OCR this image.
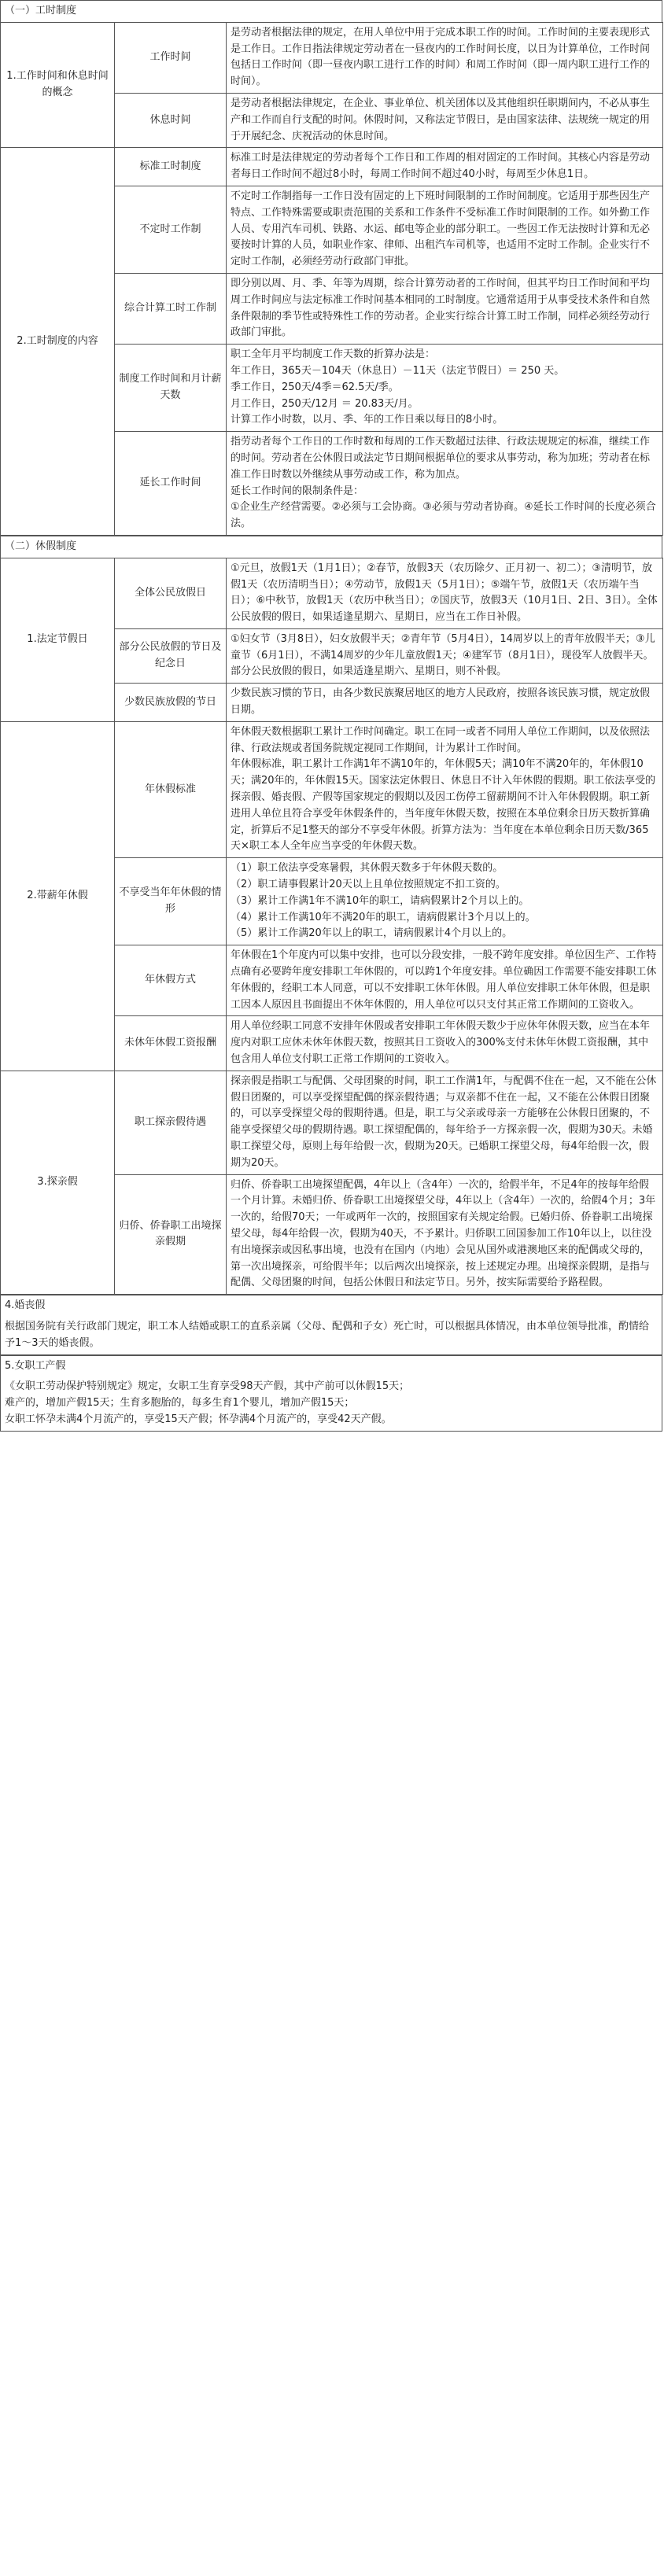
（一）工时制度
1.工作时间和休息时间的概念	工作时间	是劳动者根据法律的规定，在用人单位中用于完成本职工作的时间。工作时间的主要表现形式是工作日。工作日指法律规定劳动者在一昼夜内的工作时间长度，以日为计算单位，工作时间包括日工作时间（即一昼夜内职工进行工作的时间）和周工作时间（即一周内职工进行工作的时间）。
	休息时间	是劳动者根据法律规定，在企业、事业单位、机关团体以及其他组织任职期间内，不必从事生产和工作而自行支配的时间。休假时间，又称法定节假日，是由国家法律、法规统一规定的用于开展纪念、庆祝活动的休息时间。
2.工时制度的内容	标准工时制度	标准工时是法律规定的劳动者每个工作日和工作周的相对固定的工作时间。其核心内容是劳动者每日工作时间不超过8小时，每周工作时间不超过40小时，每周至少休息1日。
	不定时工作制	不定时工作制指每一工作日没有固定的上下班时间限制的工作时间制度。它适用于那些因生产特点、工作特殊需要或职责范围的关系和工作条件不受标准工作时间限制的工作。如外勤工作人员、专用汽车司机、铁路、水运、邮电等企业的部分职工。一些因工作无法按时计算和无必要按时计算的人员，如职业作家、律师、出租汽车司机等，也适用不定时工作制。企业实行不定时工作制，必须经劳动行政部门审批。
	综合计算工时工作制	即分别以周、月、季、年等为周期，综合计算劳动者的工作时间，但其平均日工作时间和平均周工作时间应与法定标准工作时间基本相同的工时制度。它通常适用于从事受技术条件和自然条件限制的季节性或特殊性工作的劳动者。企业实行综合计算工时工作制，同样必须经劳动行政部门审批。
	制度工作时间和月计薪天数	职工全年月平均制度工作天数的折算办法是：
年工作日，365天－104天（休息日）－11天（法定节假日）＝ 250 天。
季工作日，250天/4季＝62.5天/季。
月工作日，250天/12月 ＝ 20.83天/月。
计算工作小时数，以月、季、年的工作日乘以每日的8小时。
	延长工作时间	指劳动者每个工作日的工作时数和每周的工作天数超过法律、行政法规规定的标准，继续工作的时间。劳动者在公休假日或法定节日期间根据单位的要求从事劳动，称为加班；劳动者在标准工作日时数以外继续从事劳动或工作，称为加点。
延长工作时间的限制条件是：
①企业生产经营需要。②必须与工会协商。③必须与劳动者协商。④延长工作时间的长度必须合法。
（二）休假制度
1.法定节假日	全体公民放假日	①元旦，放假1天（1月1日）；②春节，放假3天（农历除夕、正月初一、初二）；③清明节，放假1天（农历清明当日）；④劳动节，放假1天（5月1日）；⑤端午节，放假1天（农历端午当日）；⑥中秋节，放假1天（农历中秋当日）；⑦国庆节，放假3天（10月1日、2日、3日）。全体公民放假的假日，如果适逢星期六、星期日，应当在工作日补假。
	部分公民放假的节日及纪念日	①妇女节（3月8日），妇女放假半天；②青年节（5月4日），14周岁以上的青年放假半天；③儿童节（6月1日），不满14周岁的少年儿童放假1天；④建军节（8月1日），现役军人放假半天。部分公民放假的假日，如果适逢星期六、星期日，则不补假。
	少数民族放假的节日	少数民族习惯的节日，由各少数民族聚居地区的地方人民政府，按照各该民族习惯，规定放假日期。
2.带薪年休假	年休假标准	年休假天数根据职工累计工作时间确定。职工在同一或者不同用人单位工作期间，以及依照法律、行政法规或者国务院规定视同工作期间，计为累计工作时间。
年休假标准，职工累计工作满1年不满10年的，年休假5天；满10年不满20年的，年休假10天；满20年的，年休假15天。国家法定休假日、休息日不计入年休假的假期。职工依法享受的探亲假、婚丧假、产假等国家规定的假期以及因工伤停工留薪期间不计入年休假假期。职工新进用人单位且符合享受年休假条件的，当年度年休假天数，按照在本单位剩余日历天数折算确定，折算后不足1整天的部分不享受年休假。折算方法为：当年度在本单位剩余日历天数/365天×职工本人全年应当享受的年休假天数。
	不享受当年年休假的情形	（1）职工依法享受寒暑假，其休假天数多于年休假天数的。
（2）职工请事假累计20天以上且单位按照规定不扣工资的。
（3）累计工作满1年不满10年的职工，请病假累计2个月以上的。
（4）累计工作满10年不满20年的职工，请病假累计3个月以上的。
（5）累计工作满20年以上的职工，请病假累计4个月以上的。
	年休假方式	年休假在1个年度内可以集中安排，也可以分段安排，一般不跨年度安排。单位因生产、工作特点确有必要跨年度安排职工年休假的，可以跨1个年度安排。单位确因工作需要不能安排职工休年休假的，经职工本人同意，可以不安排职工休年休假。用人单位安排职工休年休假，但是职工因本人原因且书面提出不休年休假的，用人单位可以只支付其正常工作期间的工资收入。
	未休年休假工资报酬	用人单位经职工同意不安排年休假或者安排职工年休假天数少于应休年休假天数，应当在本年度内对职工应休未休年休假天数，按照其日工资收入的300%支付未休年休假工资报酬，其中包含用人单位支付职工正常工作期间的工资收入。
3.探亲假	职工探亲假待遇	探亲假是指职工与配偶、父母团聚的时间，职工工作满1年，与配偶不住在一起，又不能在公休假日团聚的，可以享受探望配偶的探亲假待遇；与双亲都不住在一起，又不能在公休假日团聚的，可以享受探望父母的假期待遇。但是，职工与父亲或母亲一方能够在公休假日团聚的，不能享受探望父母的假期待遇。职工探望配偶的，每年给予一方探亲假一次，假期为30天。未婚职工探望父母，原则上每年给假一次，假期为20天。已婚职工探望父母，每4年给假一次，假期为20天。
	归侨、侨眷职工出境探亲假期	归侨、侨眷职工出境探望配偶，4年以上（含4年）一次的，给假半年，不足4年的按每年给假一个月计算。未婚归侨、侨眷职工出境探望父母，4年以上（含4年）一次的，给假4个月；3年一次的，给假70天；一年或两年一次的，按照国家有关规定给假。已婚归侨、侨眷职工出境探望父母，每4年给假一次，假期为40天，不予累计。归侨职工回国参加工作10年以上，以往没有出境探亲或因私事出境，也没有在国内（内地）会见从国外或港澳地区来的配偶或父母的，第一次出境探亲，可给假半年；以后两次出境探亲，按上述规定办理。出境探亲假期，是指与配偶、父母团聚的时间，包括公休假日和法定节日。另外，按实际需要给予路程假。
4.婚丧假
根据国务院有关行政部门规定，职工本人结婚或职工的直系亲属（父母、配偶和子女）死亡时，可以根据具体情况，由本单位领导批准，酌情给予1～3天的婚丧假。
5.女职工产假
《女职工劳动保护特别规定》规定，女职工生育享受98天产假，其中产前可以休假15天；
难产的，增加产假15天；生育多胞胎的，每多生育1个婴儿，增加产假15天；
女职工怀孕未满4个月流产的，享受15天产假；怀孕满4个月流产的，享受42天产假。
